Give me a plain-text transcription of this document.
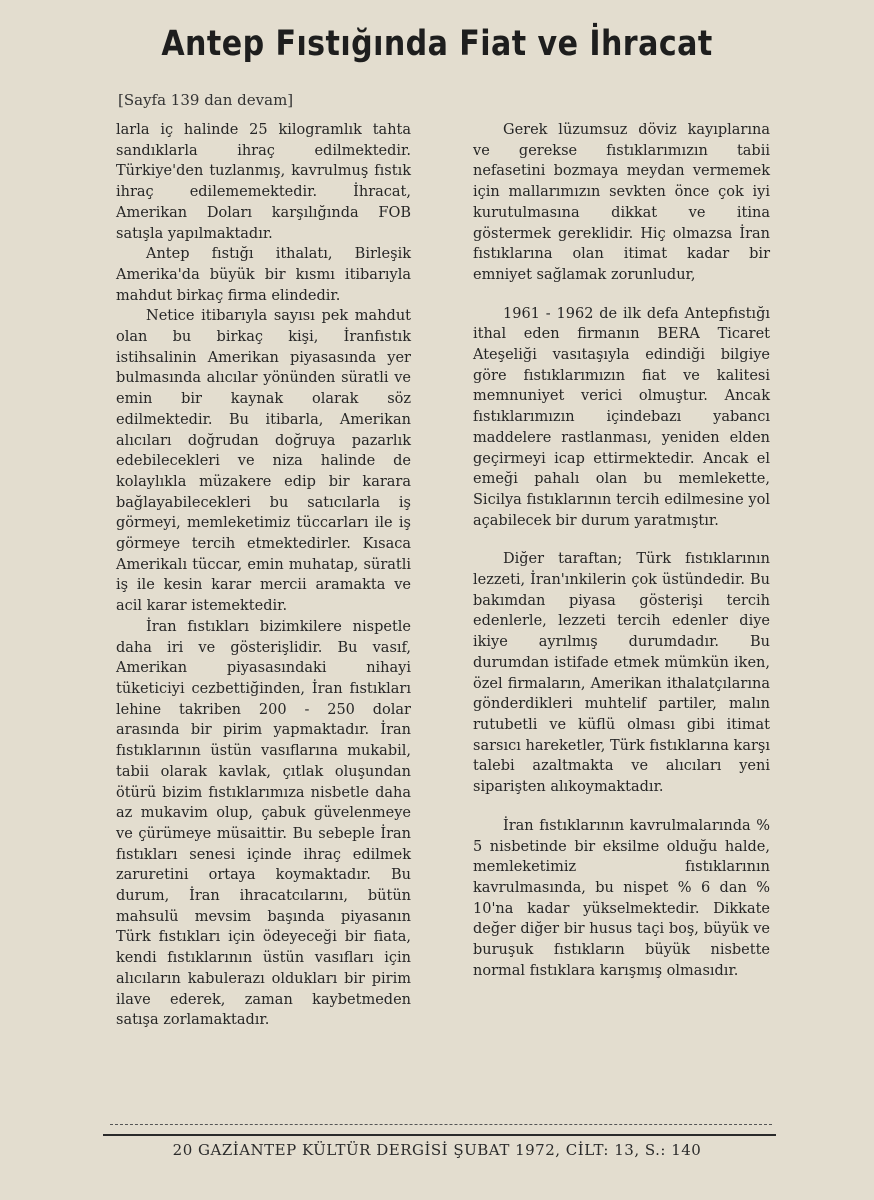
Antep Fıstığında Fiat ve İhracat
[Sayfa 139 dan devam]

larla iç halinde 25 kilogramlık tahta sandıklarla ihraç edilmektedir. Türkiye'den tuzlanmış, kavrulmuş fıstık ihraç edilememektedir. İhracat, Amerikan Doları karşılığında FOB satışla yapılmaktadır.

Antep fıstığı ithalatı, Birleşik Amerika'da büyük bir kısmı itibarıyla mahdut birkaç firma elindedir.

Netice itibarıyla sayısı pek mahdut olan bu birkaç kişi, İranfıstık istihsalinin Amerikan piyasasında yer bulmasında alıcılar yönünden süratli ve emin bir kaynak olarak söz edilmektedir. Bu itibarla, Amerikan alıcıları doğrudan doğruya pazarlık edebilecekleri ve niza halinde de kolaylıkla müzakere edip bir karara bağlayabilecekleri bu satıcılarla iş görmeyi, memleketimiz tüccarları ile iş görmeye tercih etmektedirler. Kısaca Amerikalı tüccar, emin muhatap, süratli iş ile kesin karar mercii aramakta ve acil karar istemektedir.

İran fıstıkları bizimkilere nispetle daha iri ve gösterişlidir. Bu vasıf, Amerikan piyasasındaki nihayi tüketiciyi cezbettiğinden, İran fıstıkları lehine takriben 200 - 250 dolar arasında bir pirim yapmaktadır. İran fıstıklarının üstün vasıflarına mukabil, tabii olarak kavlak, çıtlak oluşundan ötürü bizim fıstıklarımıza nisbetle daha az mukavim olup, çabuk güvelenmeye ve çürümeye müsaittir. Bu sebeple İran fıstıkları senesi içinde ihraç edilmek zaruretini ortaya koymaktadır. Bu durum, İran ihracatcılarını, bütün mahsulü mevsim başında piyasanın Türk fıstıkları için ödeyeceği bir fiata, kendi fıstıklarının üstün vasıfları için alıcıların kabulerazı oldukları bir pirim ilave ederek, zaman kaybetmeden satışa zorlamaktadır.

Gerek lüzumsuz döviz kayıplarına ve gerekse fıstıklarımızın tabii nefasetini bozmaya meydan vermemek için mallarımızın sevkten önce çok iyi kurutulmasına dikkat ve itina göstermek gereklidir. Hiç olmazsa İran fıstıklarına olan itimat kadar bir emniyet sağlamak zorunludur,

1961 - 1962 de ilk defa Antepfıstığı ithal eden firmanın BERA Ticaret Ateşeliği vasıtaşıyla edindiği bilgiye göre fıstıklarımızın fiat ve kalitesi memnuniyet verici olmuştur. Ancak fıstıklarımızın içindebazı yabancı maddelere rastlanması, yeniden elden geçirmeyi icap ettirmektedir. Ancak el emeği pahalı olan bu memlekette, Sicilya fıstıklarının tercih edilmesine yol açabilecek bir durum yaratmıştır.

Diğer taraftan; Türk fıstıklarının lezzeti, İran'ınkilerin çok üstündedir. Bu bakımdan piyasa gösterişi tercih edenlerle, lezzeti tercih edenler diye ikiye ayrılmış durumdadır. Bu durumdan istifade etmek mümkün iken, özel firmaların, Amerikan ithalatçılarına gönderdikleri muhtelif partiler, malın rutubetli ve küflü olması gibi itimat sarsıcı hareketler, Türk fıstıklarına karşı talebi azaltmakta ve alıcıları yeni siparişten alıkoymaktadır.

İran fıstıklarının kavrulmalarında % 5 nisbetinde bir eksilme olduğu halde, memleketimiz fıstıklarının kavrulmasında, bu nispet % 6 dan % 10'na kadar yükselmektedir. Dikkate değer diğer bir husus taçi boş, büyük ve buruşuk fıstıkların büyük nisbette normal fıstıklara karışmış olmasıdır.

20 GAZİANTEP KÜLTÜR DERGİSİ ŞUBAT 1972, CİLT: 13, S.: 140
